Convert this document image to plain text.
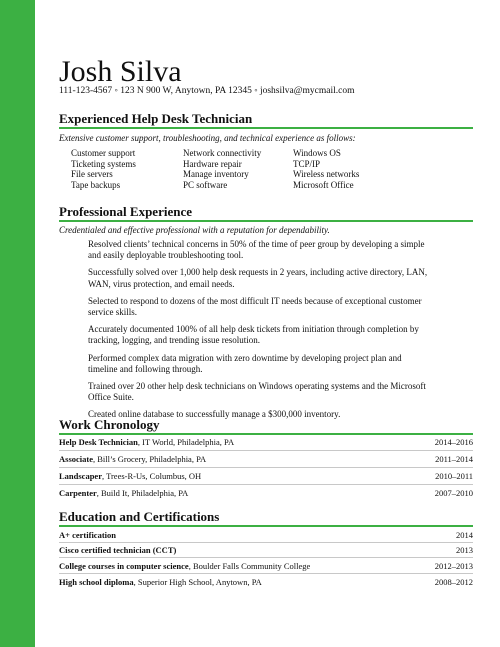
Josh Silva
111-123-4567 ◦ 123 N 900 W, Anytown, PA 12345 ◦ joshsilva@mycmail.com
Experienced Help Desk Technician
Extensive customer support, troubleshooting, and technical experience as follows:
Customer support	Network connectivity	Windows OS
Ticketing systems	Hardware repair	TCP/IP
File servers	Manage inventory	Wireless networks
Tape backups	PC software	Microsoft Office
Professional Experience
Credentialed and effective professional with a reputation for dependability.

Resolved clients’ technical concerns in 50% of the time of peer group by developing a simple and easily deployable troubleshooting tool.

Successfully solved over 1,000 help desk requests in 2 years, including active directory, LAN, WAN, virus protection, and email needs.

Selected to respond to dozens of the most difficult IT needs because of exceptional customer service skills.

Accurately documented 100% of all help desk tickets from initiation through completion by tracking, logging, and trending issue resolution.

Performed complex data migration with zero downtime by developing project plan and timeline and following through.

Trained over 20 other help desk technicians on Windows operating systems and the Microsoft Office Suite.

Created online database to successfully manage a $300,000 inventory.

Work Chronology
Help Desk Technician, IT World, Philadelphia, PA	2014–2016
Associate, Bill’s Grocery, Philadelphia, PA	2011–2014
Landscaper, Trees-R-Us, Columbus, OH	2010–2011
Carpenter, Build It, Philadelphia, PA	2007–2010
Education and Certifications
A+ certification	2014
Cisco certified technician (CCT)	2013
College courses in computer science, Boulder Falls Community College	2012–2013
High school diploma, Superior High School, Anytown, PA	2008–2012
